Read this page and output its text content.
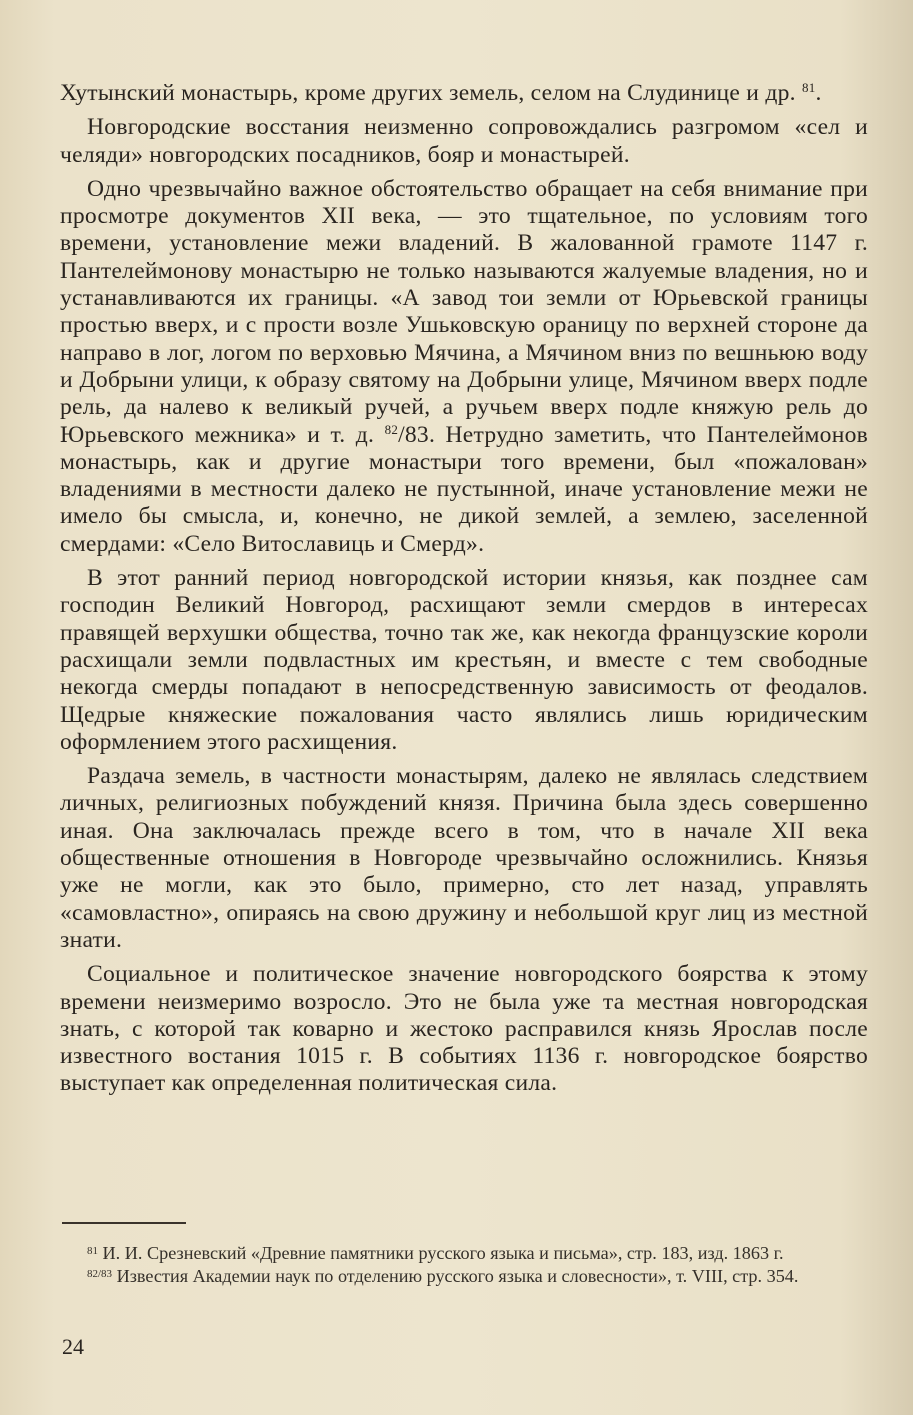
Хутынский монастырь, кроме других земель, селом на Слудинице и др. $^{81}$.

Новгородские восстания неизменно сопровождались разгромом «сел и челяди» новгородских посадников, бояр и монастырей.

Одно чрезвычайно важное обстоятельство обращает на себя внимание при просмотре документов XII века, — это тщательное, по условиям того времени, установление межи владений. В жалованной грамоте 1147 г. Пантелеймонову монастырю не только называются жалуемые владения, но и устанавливаются их границы. «А завод тои земли от Юрьевской границы простью вверх, и с прости возле Ушьковскую ораницу по верхней стороне да направо в лог, логом по верховью Мячина, а Мячином вниз по вешньюю воду и Добрыни улици, к образу святому на Добрыни улице, Мячином вверх подле рель, да налево к великый ручей, а ручьем вверх подле княжую рель до Юрьевского межника» и т. д. $^{82}$/83. Нетрудно заметить, что Пантелеймонов монастырь, как и другие монастыри того времени, был «пожалован» владениями в местности далеко не пустынной, иначе установление межи не имело бы смысла, и, конечно, не дикой землей, а землею, заселенной смердами: «Село Витославиць и Смерд».

В этот ранний период новгородской истории князья, как позднее сам господин Великий Новгород, расхищают земли смердов в интересах правящей верхушки общества, точно так же, как некогда французские короли расхищали земли подвластных им крестьян, и вместе с тем свободные некогда смерды попадают в непосредственную зависимость от феодалов. Щедрые княжеские пожалования часто являлись лишь юридическим оформлением этого расхищения.

Раздача земель, в частности монастырям, далеко не являлась следствием личных, религиозных побуждений князя. Причина была здесь совершенно иная. Она заключалась прежде всего в том, что в начале XII века общественные отношения в Новгороде чрезвычайно осложнились. Князья уже не могли, как это было, примерно, сто лет назад, управлять «самовластно», опираясь на свою дружину и небольшой круг лиц из местной знати.

Социальное и политическое значение новгородского боярства к этому времени неизмеримо возросло. Это не была уже та местная новгородская знать, с которой так коварно и жестоко расправился князь Ярослав после известного востания 1015 г. В событиях 1136 г. новгородское боярство выступает как определенная политическая сила.

$^{81}$ И. И. Срезневский «Древние памятники русского языка и письма», стр. 183, изд. 1863 г.

$^{82/83}$ Известия Академии наук по отделению русского языка и словесности», т. VIII, стр. 354.

24
